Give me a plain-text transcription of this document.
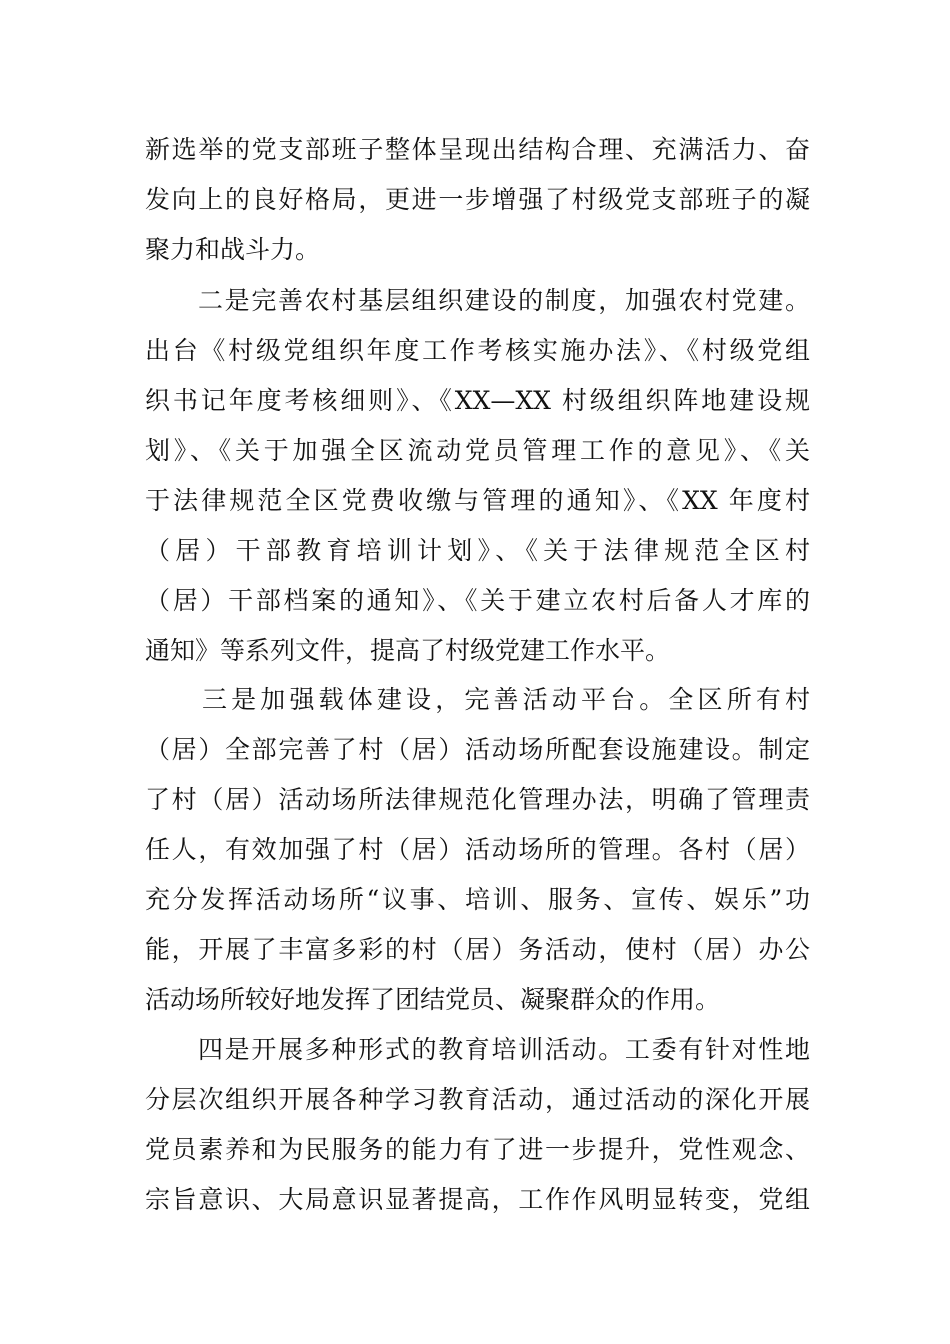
新选举的党支部班子整体呈现出结构合理、充满活力、奋
发向上的良好格局，更进一步增强了村级党支部班子的凝
聚力和战斗力。
二是完善农村基层组织建设的制度，加强农村党建。
出台《村级党组织年度工作考核实施办法》、《村级党组
织书记年度考核细则》、《XX—XX 村级组织阵地建设规
划》、《关于加强全区流动党员管理工作的意见》、《关
于法律规范全区党费收缴与管理的通知》、《XX 年度村
（居）干部教育培训计划》、《关于法律规范全区村
（居）干部档案的通知》、《关于建立农村后备人才库的
通知》等系列文件，提高了村级党建工作水平。
三是加强载体建设，完善活动平台。全区所有村
（居）全部完善了村（居）活动场所配套设施建设。制定
了村（居）活动场所法律规范化管理办法，明确了管理责
任人，有效加强了村（居）活动场所的管理。各村（居）
充分发挥活动场所“议事、培训、服务、宣传、娱乐”功
能，开展了丰富多彩的村（居）务活动，使村（居）办公
活动场所较好地发挥了团结党员、凝聚群众的作用。
四是开展多种形式的教育培训活动。工委有针对性地
分层次组织开展各种学习教育活动，通过活动的深化开展
党员素养和为民服务的能力有了进一步提升，党性观念、
宗旨意识、大局意识显著提高，工作作风明显转变，党组
